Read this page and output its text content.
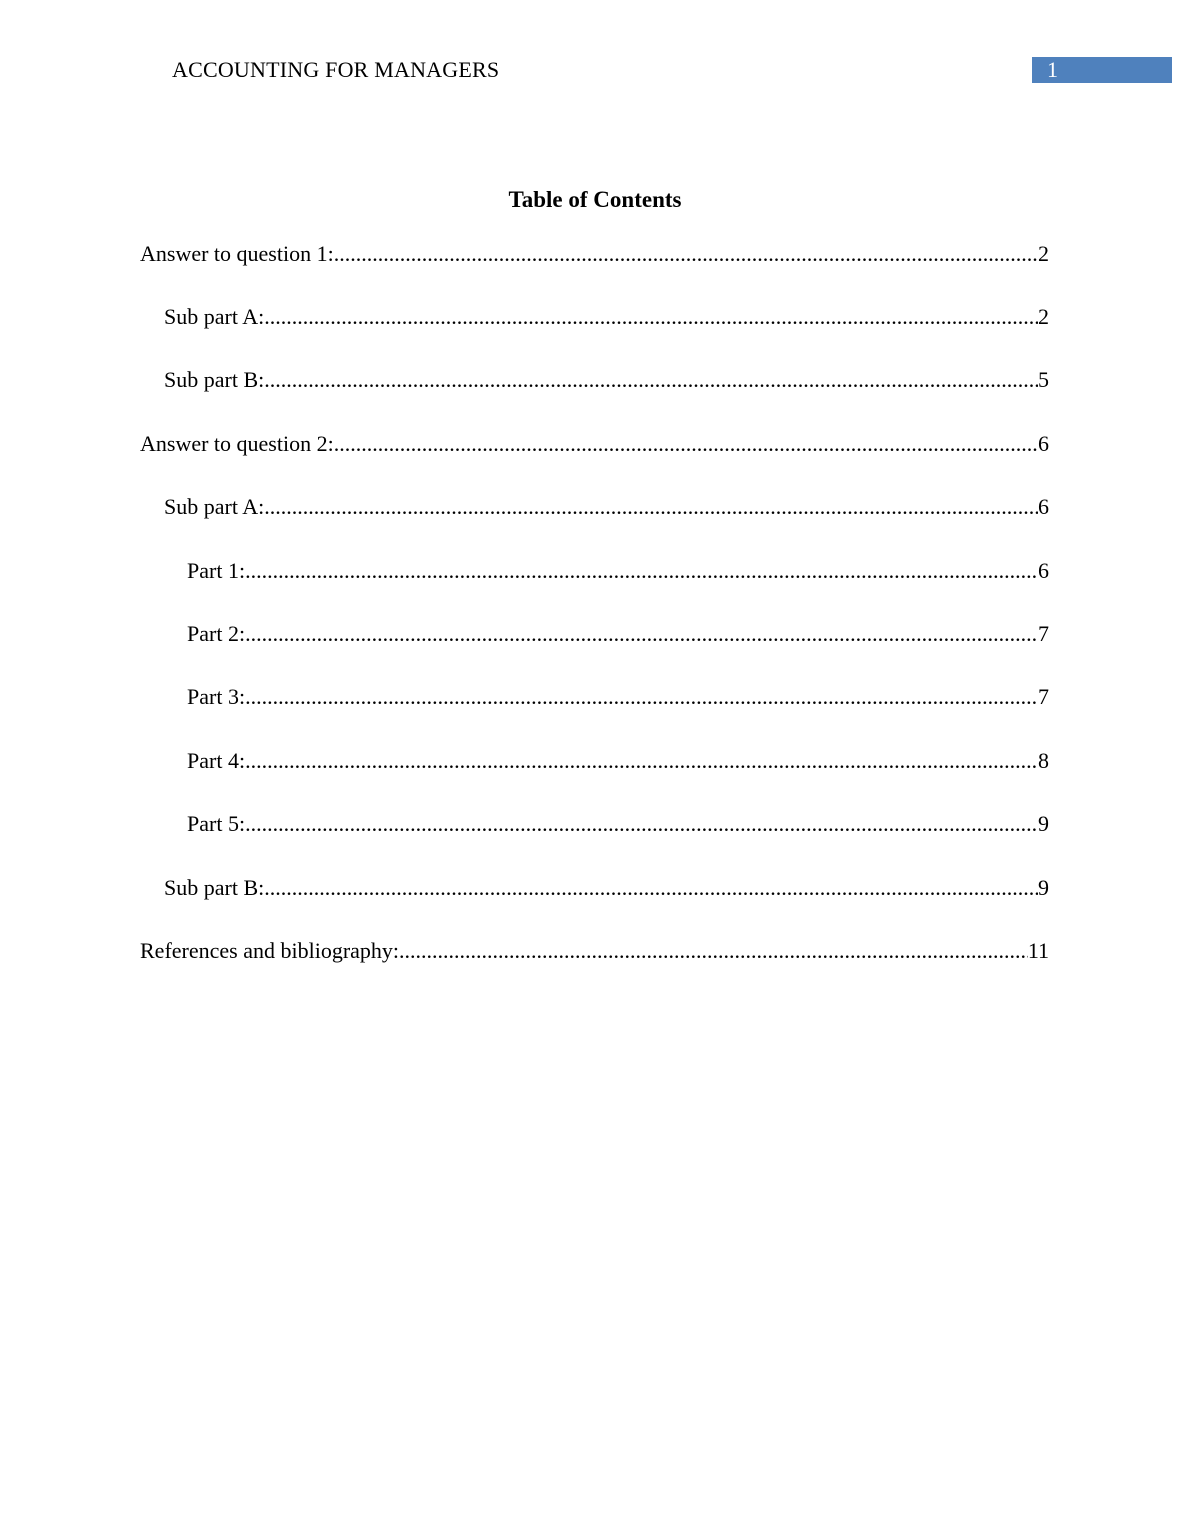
ACCOUNTING FOR MANAGERS	1
Table of Contents
Answer to question 1: .....	2
Sub part A: .....	2
Sub part B: .....	5
Answer to question 2: .....	6
Sub part A: .....	6
Part 1: .....	6
Part 2: .....	7
Part 3: .....	7
Part 4: .....	8
Part 5: .....	9
Sub part B: .....	9
References and bibliography: .....	11
